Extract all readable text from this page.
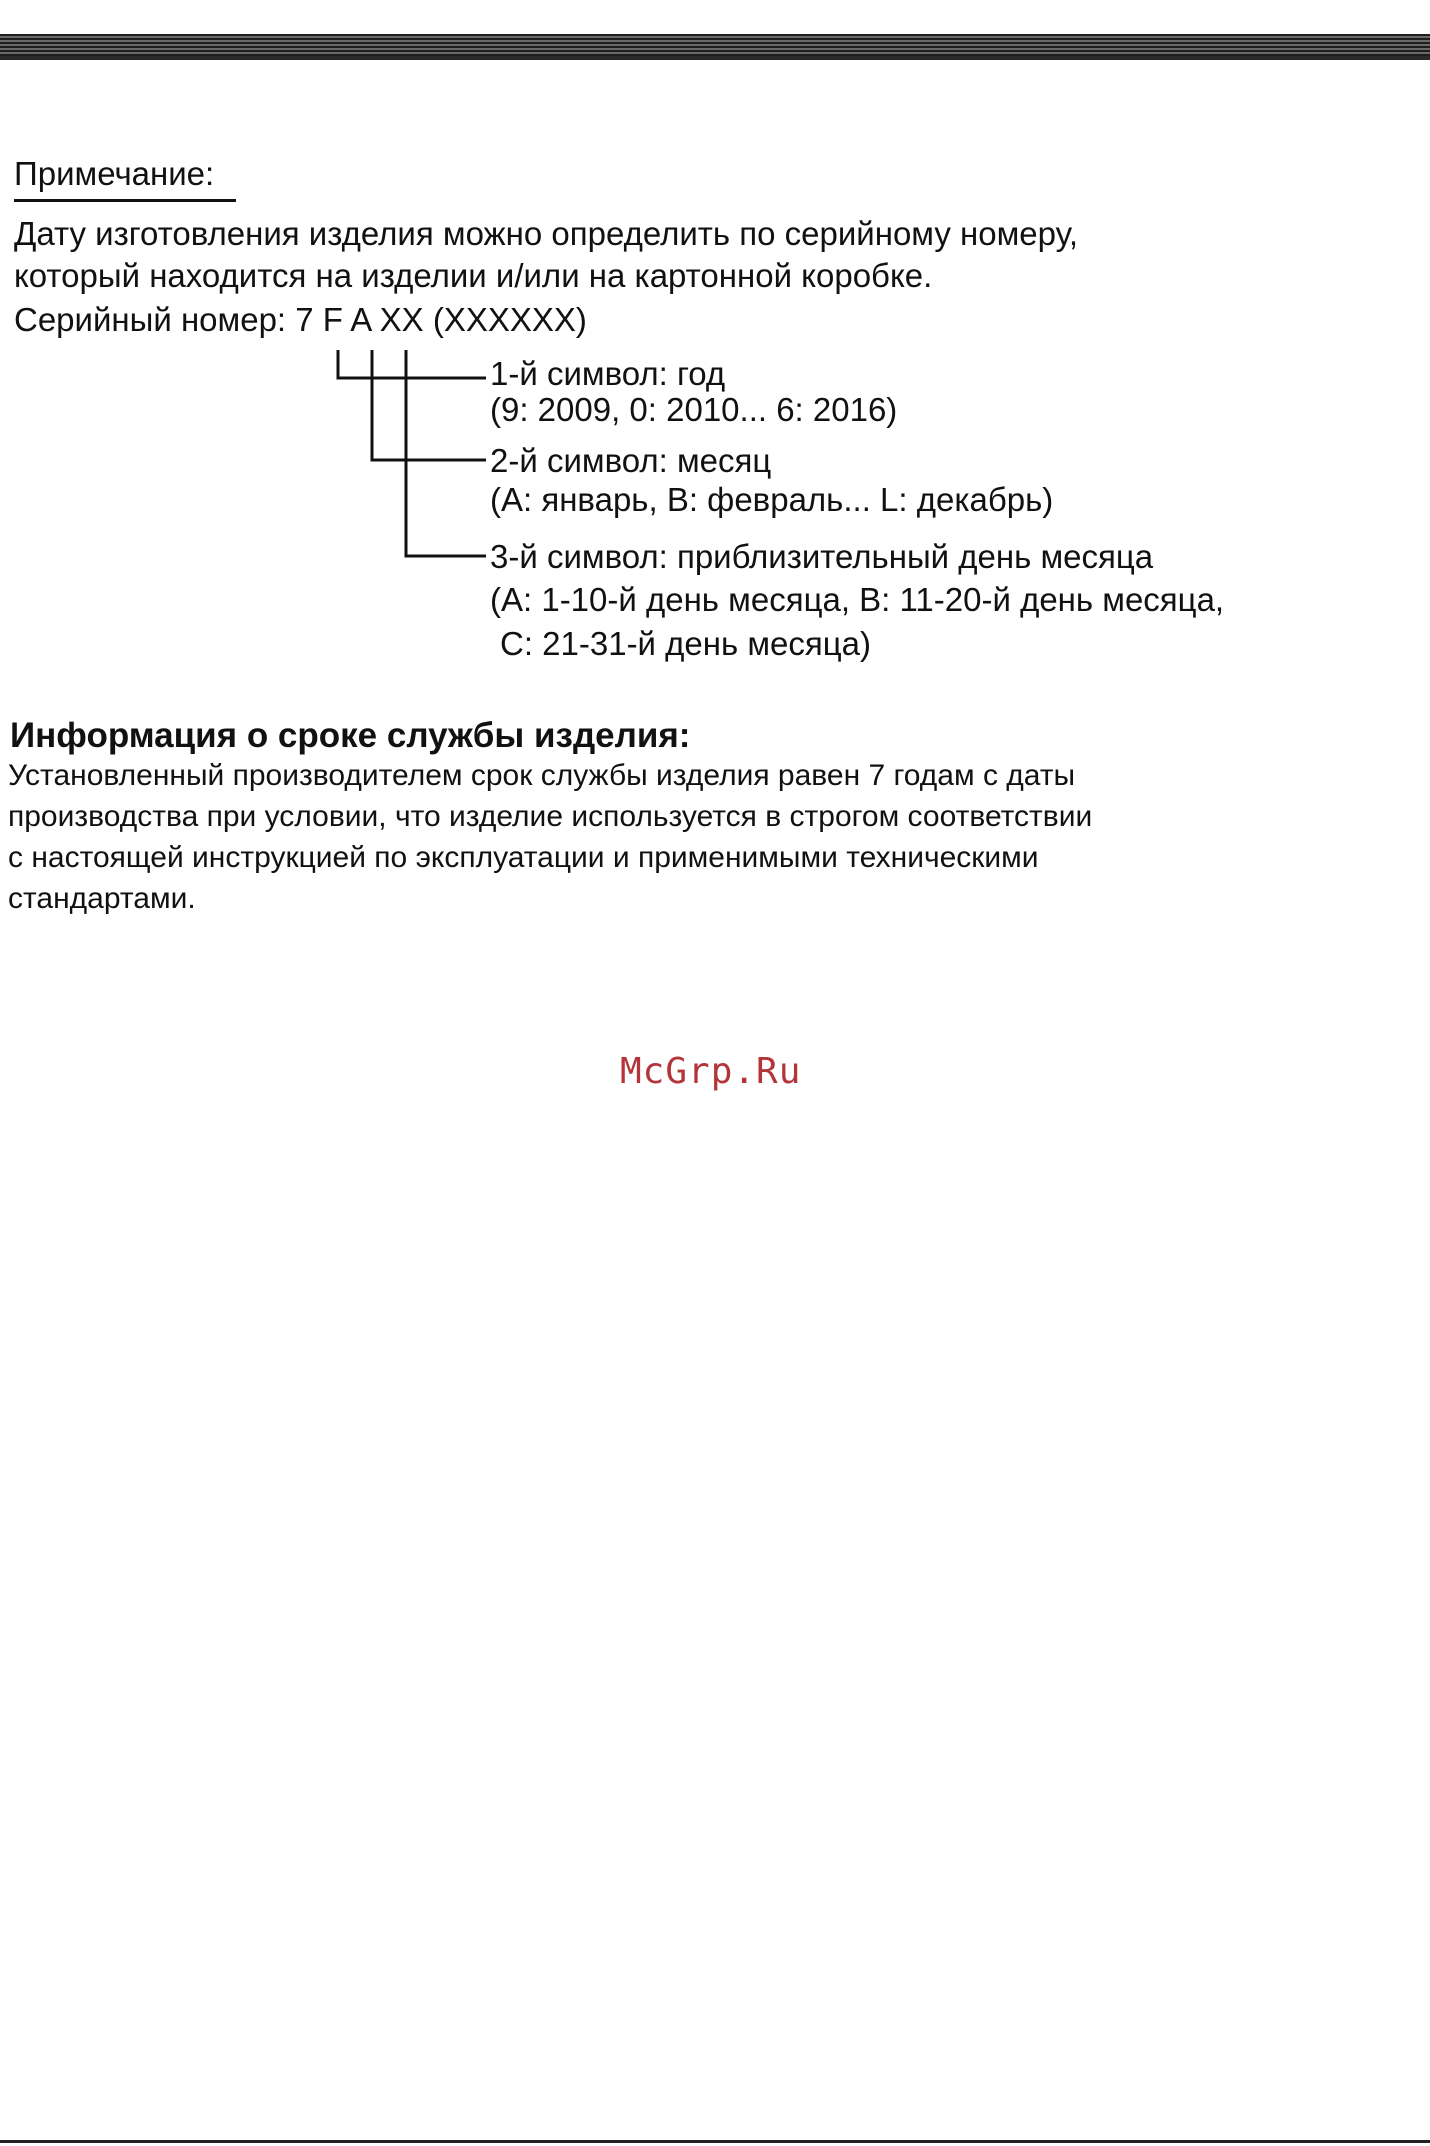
Примечание:

Дату изготовления изделия можно определить по серийному номеру,

который находится на изделии и/или на картонной коробке.

Серийный номер: 7 F A XX (XXXXXX)

1-й символ: год

(9: 2009, 0: 2010... 6: 2016)

2-й символ: месяц

(A: январь, B: февраль... L: декабрь)

3-й символ: приблизительный день месяца

(A: 1-10-й день месяца, B: 11-20-й день месяца,

C: 21-31-й день месяца)

Информация о сроке службы изделия:

Установленный производителем срок службы изделия равен 7 годам с даты

производства при условии, что изделие используется в строгом соответствии

с настоящей инструкцией по эксплуатации и применимыми техническими

стандартами.

McGrp.Ru
